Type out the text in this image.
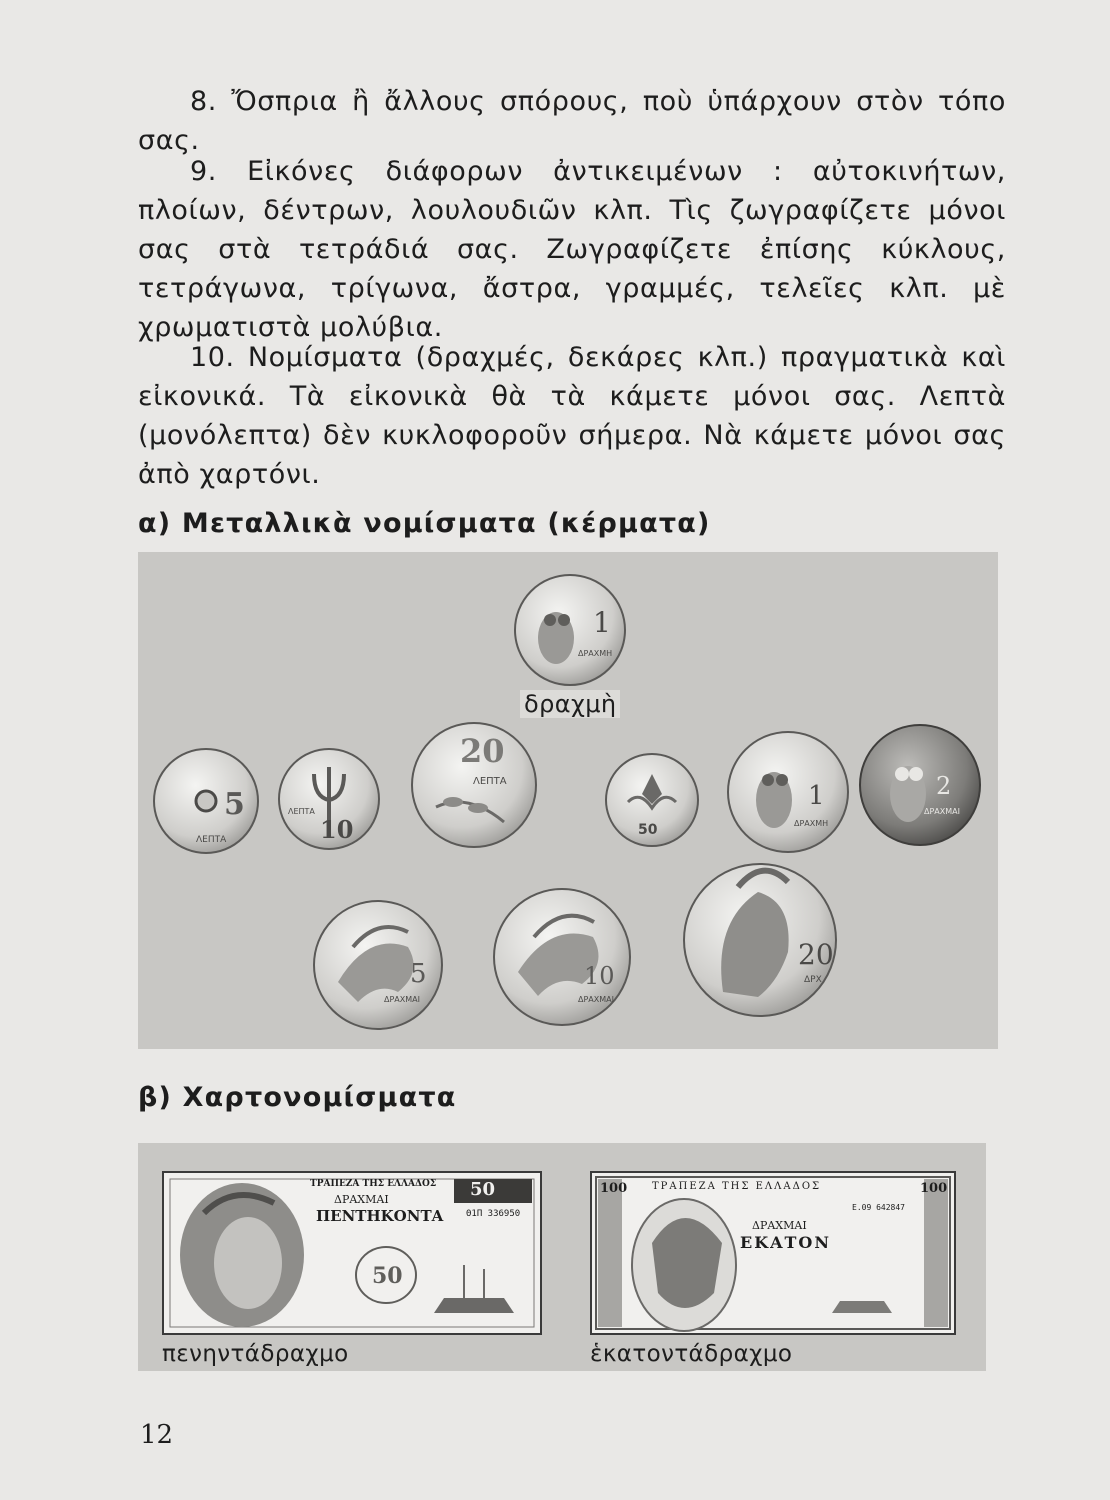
8. Ὄσπρια ἢ ἄλλους σπόρους, ποὺ ὑπάρχουν στὸν τόπο σας.

9. Εἰκόνες διάφορων ἀντικειμένων : αὐτοκινήτων, πλοίων, δέντρων, λουλουδιῶν κλπ. Τὶς ζωγραφίζετε μόνοι σας στὰ τετράδιά σας. Ζωγραφίζετε ἐπίσης κύκλους, τετράγωνα, τρίγωνα, ἄστρα, γραμμές, τελεῖες κλπ. μὲ χρωματιστὰ μολύβια.

10. Νομίσματα (δραχμές, δεκάρες κλπ.) πραγματικὰ καὶ εἰκονικά. Τὰ εἰκονικὰ θὰ τὰ κάμετε μόνοι σας. Λεπτὰ (μονόλεπτα) δὲν κυκλοφοροῦν σήμερα. Νὰ κάμετε μόνοι σας ἀπὸ χαρτόνι.

α) Μεταλλικὰ νομίσματα (κέρματα)
1
ΔΡΑΧΜΗ
5
ΛΕΠΤΑ	10
ΛΕΠΤΑ
20
ΛΕΠΤΑ
50
1
ΔΡΑΧΜΗ
2
ΔΡΑΧΜΑΙ
5
ΔΡΑΧΜΑΙ
10
ΔΡΑΧΜΑΙ
20
ΔΡΧ
δραχμὴ
β) Χαρτονομίσματα
ΤΡΑΠΕΖΑ ΤΗΣ ΕΛΛΑΔΟΣ
ΔΡΑΧΜΑΙ
ΠΕΝΤΗΚΟΝΤΑ
50
Θ1Π 336950
50
πενηντάδραχμο
ΤΡΑΠΕΖΑ ΤΗΣ ΕΛΛΑΔΟΣ
ΔΡΑΧΜΑΙ
ΕΚΑΤΟΝ
100	100
Ε.09 642847
ἑκατοντάδραχμο
12
